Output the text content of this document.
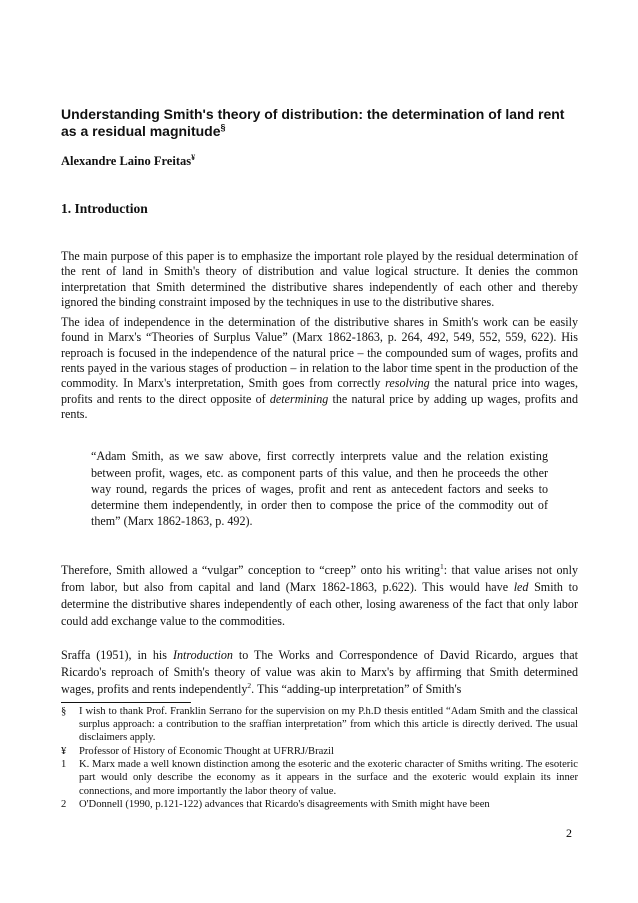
Understanding Smith's theory of distribution: the determination of land rent as a residual magnitude§
Alexandre Laino Freitas¥
1. Introduction

The main purpose of this paper is to emphasize the important role played by the residual determination of the rent of land in Smith's theory of distribution and value logical structure. It denies the common interpretation that Smith determined the distributive shares independently of each other and thereby ignored the binding constraint imposed by the techniques in use to the distributive shares.

The idea of independence in the determination of the distributive shares in Smith's work can be easily found in Marx's “Theories of Surplus Value” (Marx 1862-1863, p. 264, 492, 549, 552, 559, 622). His reproach is focused in the independence of the natural price – the compounded sum of wages, profits and rents payed in the various stages of production – in relation to the labor time spent in the production of the commodity. In Marx's interpretation, Smith goes from correctly resolving the natural price into wages, profits and rents to the direct opposite of determining the natural price by adding up wages, profits and rents.

“Adam Smith, as we saw above, first correctly interprets value and the relation existing between profit, wages, etc. as component parts of this value, and then he proceeds the other way round, regards the prices of wages, profit and rent as antecedent factors and seeks to determine them independently, in order then to compose the price of the commodity out of them” (Marx 1862-1863, p. 492).

Therefore, Smith allowed a “vulgar” conception to “creep” onto his writing$^1$: that value arises not only from labor, but also from capital and land (Marx 1862-1863, p.622). This would have led Smith to determine the distributive shares independently of each other, losing awareness of the fact that only labor could add exchange value to the commodities.

Sraffa (1951), in his Introduction to The Works and Correspondence of David Ricardo, argues that Ricardo's reproach of Smith's theory of value was akin to Marx's by affirming that Smith determined wages, profits and rents independently$^2$. This “adding-up interpretation” of Smith's

§	I wish to thank Prof. Franklin Serrano for the supervision on my P.h.D thesis entitled “Adam Smith and the classical surplus approach: a contribution to the sraffian interpretation” from which this article is directly derived. The usual disclaimers apply.
¥	Professor of History of Economic Thought at UFRRJ/Brazil
1	K. Marx made a well known distinction among the esoteric and the exoteric character of Smiths writing. The esoteric part would only describe the economy as it appears in the surface and the exoteric would explain its inner connections, and more importantly the labor theory of value.
2	O'Donnell (1990, p.121-122) advances that Ricardo's disagreements with Smith might have been
2
